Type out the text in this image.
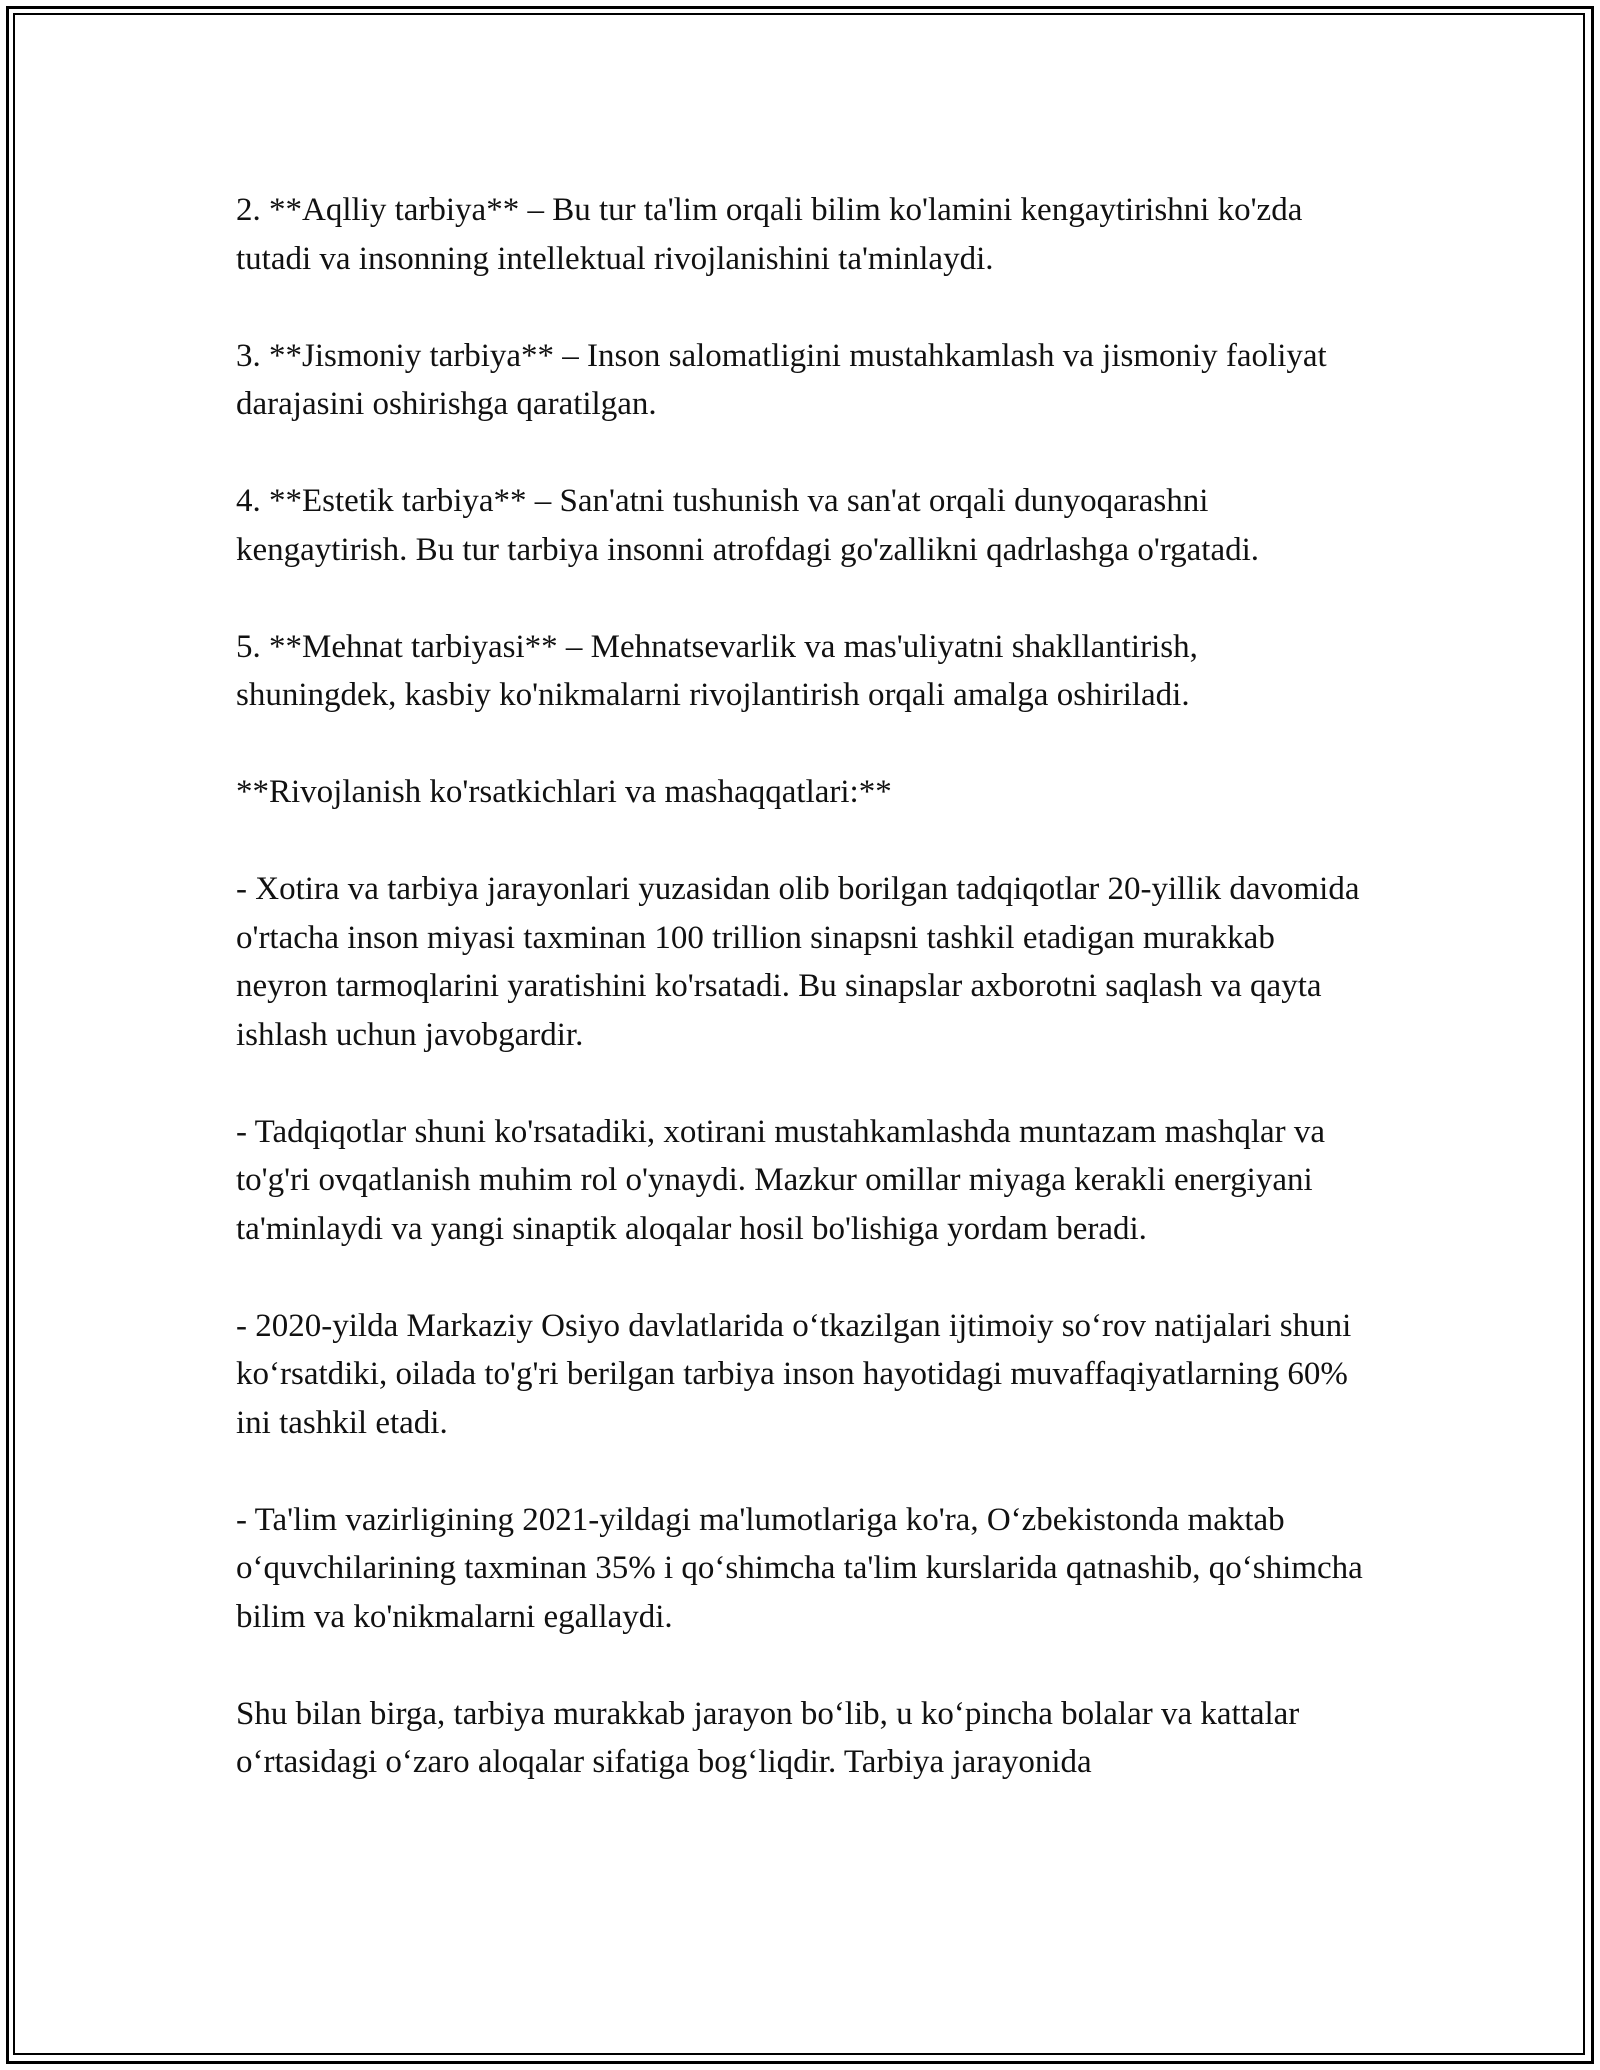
2. **Aqlliy tarbiya** – Bu tur ta'lim orqali bilim ko'lamini kengaytirishni ko'zda tutadi va insonning intellektual rivojlanishini ta'minlaydi.

3. **Jismoniy tarbiya** – Inson salomatligini mustahkamlash va jismoniy faoliyat darajasini oshirishga qaratilgan.

4. **Estetik tarbiya** – San'atni tushunish va san'at orqali dunyoqarashni kengaytirish. Bu tur tarbiya insonni atrofdagi go'zallikni qadrlashga o'rgatadi.

5. **Mehnat tarbiyasi** – Mehnatsevarlik va mas'uliyatni shakllantirish, shuningdek, kasbiy ko'nikmalarni rivojlantirish orqali amalga oshiriladi.

**Rivojlanish ko'rsatkichlari va mashaqqatlari:**

- Xotira va tarbiya jarayonlari yuzasidan olib borilgan tadqiqotlar 20-yillik davomida o'rtacha inson miyasi taxminan 100 trillion sinapsni tashkil etadigan murakkab neyron tarmoqlarini yaratishini ko'rsatadi. Bu sinapslar axborotni saqlash va qayta ishlash uchun javobgardir.

- Tadqiqotlar shuni ko'rsatadiki, xotirani mustahkamlashda muntazam mashqlar va to'g'ri ovqatlanish muhim rol o'ynaydi. Mazkur omillar miyaga kerakli energiyani ta'minlaydi va yangi sinaptik aloqalar hosil bo'lishiga yordam beradi.

- 2020-yilda Markaziy Osiyo davlatlarida oʻtkazilgan ijtimoiy soʻrov natijalari shuni koʻrsatdiki, oilada to'g'ri berilgan tarbiya inson hayotidagi muvaffaqiyatlarning 60% ini tashkil etadi.

- Ta'lim vazirligining 2021-yildagi ma'lumotlariga ko'ra, Oʻzbekistonda maktab oʻquvchilarining taxminan 35% i qoʻshimcha ta'lim kurslarida qatnashib, qoʻshimcha bilim va ko'nikmalarni egallaydi.

Shu bilan birga, tarbiya murakkab jarayon boʻlib, u koʻpincha bolalar va kattalar oʻrtasidagi oʻzaro aloqalar sifatiga bogʻliqdir. Tarbiya jarayonida
